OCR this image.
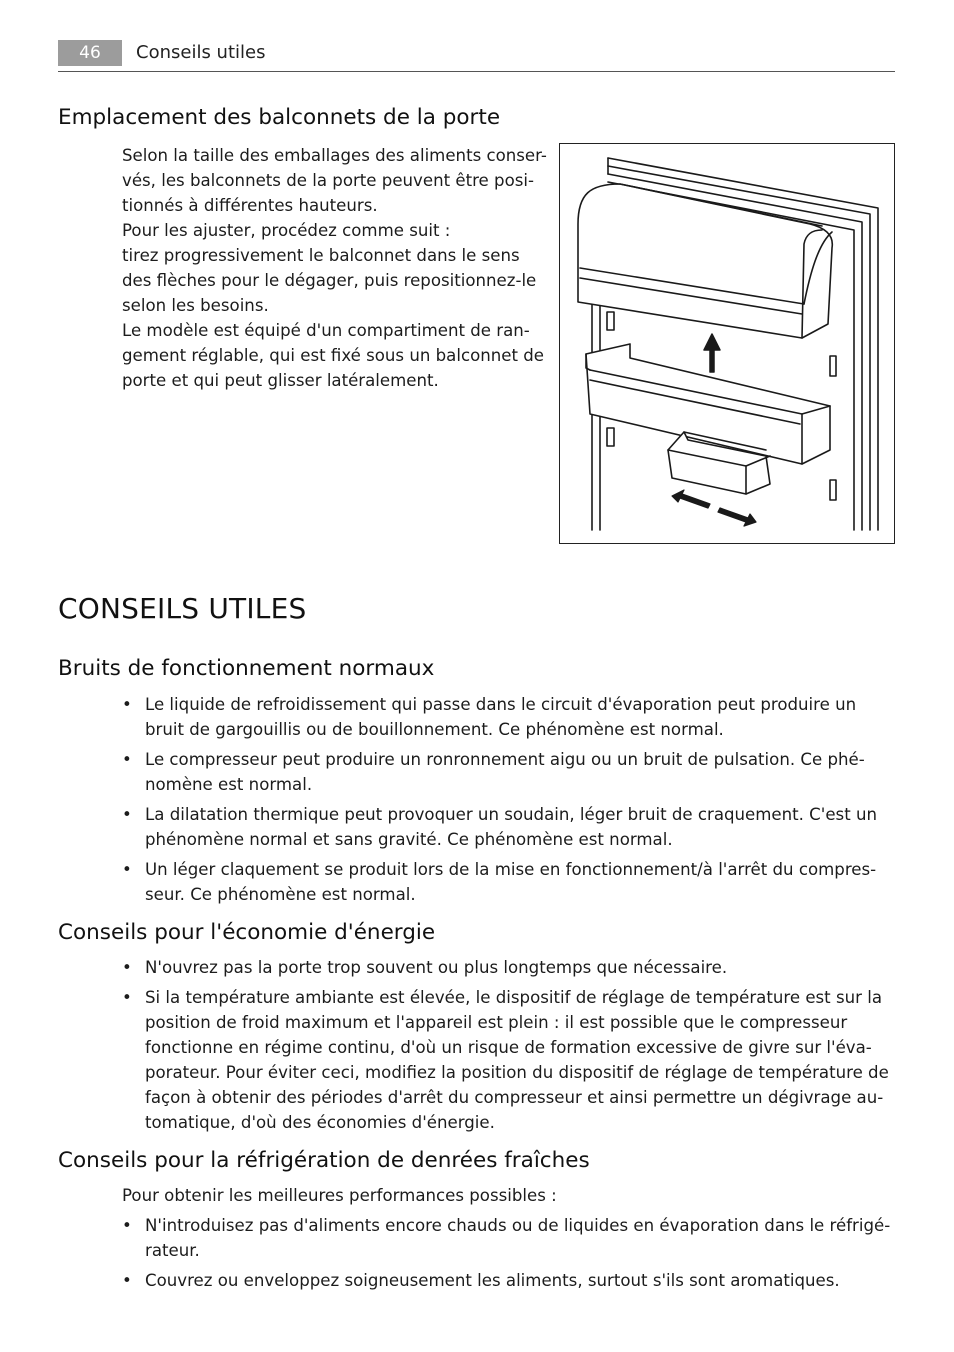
46	Conseils utiles
Emplacement des balconnets de la porte

Selon la taille des emballages des aliments conser-

vés, les balconnets de la porte peuvent être posi-

tionnés à différentes hauteurs.

Pour les ajuster, procédez comme suit :

tirez progressivement le balconnet dans le sens

des flèches pour le dégager, puis repositionnez-le

selon les besoins.

Le modèle est équipé d'un compartiment de ran-

gement réglable, qui est fixé sous un balconnet de

porte et qui peut glisser latéralement.

CONSEILS UTILES
Bruits de fonctionnement normaux
• Le liquide de refroidissement qui passe dans le circuit d'évaporation peut produire un
bruit de gargouillis ou de bouillonnement. Ce phénomène est normal.
• Le compresseur peut produire un ronronnement aigu ou un bruit de pulsation. Ce phé-
nomène est normal.
• La dilatation thermique peut provoquer un soudain, léger bruit de craquement. C'est un
phénomène normal et sans gravité. Ce phénomène est normal.
• Un léger claquement se produit lors de la mise en fonctionnement/à l'arrêt du compres-
seur. Ce phénomène est normal.
Conseils pour l'économie d'énergie
• N'ouvrez pas la porte trop souvent ou plus longtemps que nécessaire.
• Si la température ambiante est élevée, le dispositif de réglage de température est sur la
position de froid maximum et l'appareil est plein : il est possible que le compresseur
fonctionne en régime continu, d'où un risque de formation excessive de givre sur l'éva-
porateur. Pour éviter ceci, modifiez la position du dispositif de réglage de température de
façon à obtenir des périodes d'arrêt du compresseur et ainsi permettre un dégivrage au-
tomatique, d'où des économies d'énergie.
Conseils pour la réfrigération de denrées fraîches

Pour obtenir les meilleures performances possibles :

• N'introduisez pas d'aliments encore chauds ou de liquides en évaporation dans le réfrigé-
rateur.
• Couvrez ou enveloppez soigneusement les aliments, surtout s'ils sont aromatiques.
